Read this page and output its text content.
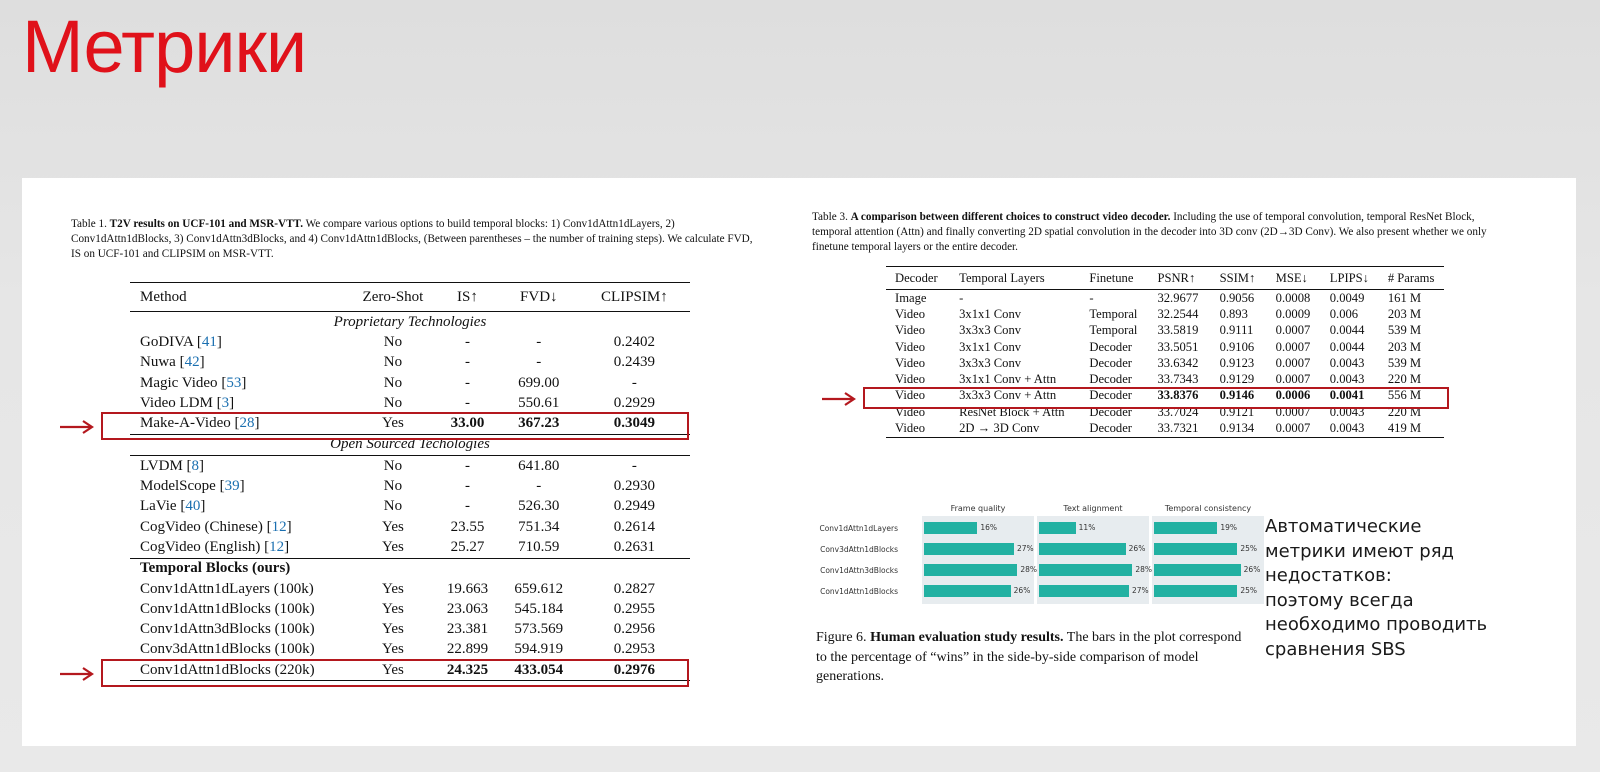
Метрики
Table 1. T2V results on UCF-101 and MSR-VTT. We compare various options to build temporal blocks: 1) Conv1dAttn1dLayers, 2) Conv1dAttn1dBlocks, 3) Conv1dAttn3dBlocks, and 4) Conv1dAttn1dBlocks, (Between parentheses – the number of training steps). We calculate FVD, IS on UCF-101 and CLIPSIM on MSR-VTT.
Method	Zero-Shot	IS↑	FVD↓	CLIPSIM↑
Proprietary Technologies				
GoDIVA [41]	No	-	-	0.2402
Nuwa [42]	No	-	-	0.2439
Magic Video [53]	No	-	699.00	-
Video LDM [3]	No	-	550.61	0.2929
Make-A-Video [28]	Yes	33.00	367.23	0.3049
Open Sourced Techologies				
LVDM [8]	No	-	641.80	-
ModelScope [39]	No	-	-	0.2930
LaVie [40]	No	-	526.30	0.2949
CogVideo (Chinese) [12]	Yes	23.55	751.34	0.2614
CogVideo (English) [12]	Yes	25.27	710.59	0.2631
Temporal Blocks (ours)				
Conv1dAttn1dLayers (100k)	Yes	19.663	659.612	0.2827
Conv1dAttn1dBlocks (100k)	Yes	23.063	545.184	0.2955
Conv1dAttn3dBlocks (100k)	Yes	23.381	573.569	0.2956
Conv3dAttn1dBlocks (100k)	Yes	22.899	594.919	0.2953
Conv1dAttn1dBlocks (220k)	Yes	24.325	433.054	0.2976
Table 3. A comparison between different choices to construct video decoder. Including the use of temporal convolution, temporal ResNet Block, temporal attention (Attn) and finally converting 2D spatial convolution in the decoder into 3D conv (2D→3D Conv). We also present whether we only finetune temporal layers or the entire decoder.
Decoder	Temporal Layers	Finetune	PSNR↑	SSIM↑	MSE↓	LPIPS↓	# Params
Image	-	-	32.9677	0.9056	0.0008	0.0049	161 M
Video	3x1x1 Conv	Temporal	32.2544	0.893	0.0009	0.006	203 M
Video	3x3x3 Conv	Temporal	33.5819	0.9111	0.0007	0.0044	539 M
Video	3x1x1 Conv	Decoder	33.5051	0.9106	0.0007	0.0044	203 M
Video	3x3x3 Conv	Decoder	33.6342	0.9123	0.0007	0.0043	539 M
Video	3x1x1 Conv + Attn	Decoder	33.7343	0.9129	0.0007	0.0043	220 M
Video	3x3x3 Conv + Attn	Decoder	33.8376	0.9146	0.0006	0.0041	556 M
Video	ResNet Block + Attn	Decoder	33.7024	0.9121	0.0007	0.0043	220 M
Video	2D → 3D Conv	Decoder	33.7321	0.9134	0.0007	0.0043	419 M
Conv1dAttn1dLayers
Conv3dAttn1dBlocks
Conv1dAttn3dBlocks
Conv1dAttn1dBlocks
Frame quality
16%
27%
28%
26%
Text alignment
11%
26%
28%
27%
Temporal consistency
19%
25%
26%
25%
Figure 6. Human evaluation study results. The bars in the plot correspond to the percentage of “wins” in the side-by-side comparison of model generations.
Автоматические
метрики имеют ряд
недостатков:
поэтому всегда
необходимо проводить
сравнения SBS
